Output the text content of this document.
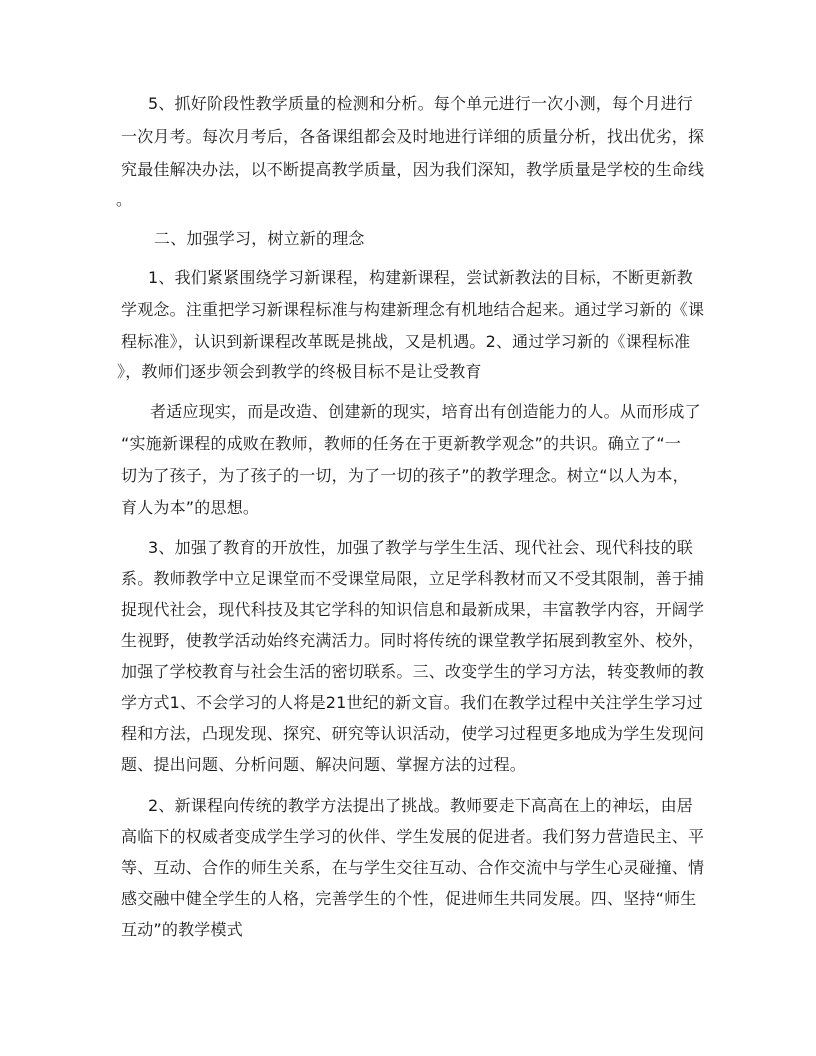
5、抓好阶段性教学质量的检测和分析。每个单元进行一次小测，每个月进行
一次月考。每次月考后，各备课组都会及时地进行详细的质量分析，找出优劣，探
究最佳解决办法，以不断提高教学质量，因为我们深知，教学质量是学校的生命线
。
二、加强学习，树立新的理念
1、我们紧紧围绕学习新课程，构建新课程，尝试新教法的目标，不断更新教
学观念。注重把学习新课程标准与构建新理念有机地结合起来。通过学习新的《课
程标准》，认识到新课程改革既是挑战，又是机遇。2、通过学习新的《课程标准
》，教师们逐步领会到教学的终极目标不是让受教育
者适应现实，而是改造、创建新的现实，培育出有创造能力的人。从而形成了
“实施新课程的成败在教师，教师的任务在于更新教学观念”的共识。确立了“一
切为了孩子，为了孩子的一切，为了一切的孩子”的教学理念。树立“以人为本，
育人为本”的思想。
3、加强了教育的开放性，加强了教学与学生生活、现代社会、现代科技的联
系。教师教学中立足课堂而不受课堂局限，立足学科教材而又不受其限制，善于捕
捉现代社会，现代科技及其它学科的知识信息和最新成果，丰富教学内容，开阔学
生视野，使教学活动始终充满活力。同时将传统的课堂教学拓展到教室外、校外，
加强了学校教育与社会生活的密切联系。三、改变学生的学习方法，转变教师的教
学方式1、不会学习的人将是21世纪的新文盲。我们在教学过程中关注学生学习过
程和方法，凸现发现、探究、研究等认识活动，使学习过程更多地成为学生发现问
题、提出问题、分析问题、解决问题、掌握方法的过程。
2、新课程向传统的教学方法提出了挑战。教师要走下高高在上的神坛，由居
高临下的权威者变成学生学习的伙伴、学生发展的促进者。我们努力营造民主、平
等、互动、合作的师生关系，在与学生交往互动、合作交流中与学生心灵碰撞、情
感交融中健全学生的人格，完善学生的个性，促进师生共同发展。四、坚持“师生
互动”的教学模式
